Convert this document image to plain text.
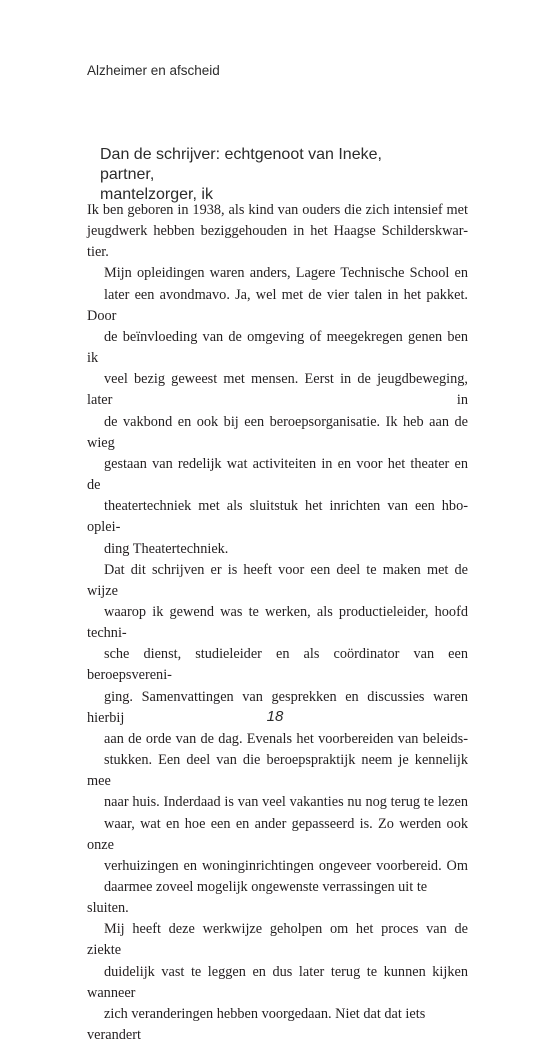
Alzheimer en afscheid
Dan de schrijver: echtgenoot van Ineke, partner,
mantelzorger, ik

Ik ben geboren in 1938, als kind van ouders die zich intensief met
jeugdwerk hebben beziggehouden in het Haagse Schilderskwar-
tier.

Mijn opleidingen waren anders, Lagere Technische School en
later een avondmavo. Ja, wel met de vier talen in het pakket. Door
de beïnvloeding van de omgeving of meegekregen genen ben ik
veel bezig geweest met mensen. Eerst in de jeugdbeweging, later in
de vakbond en ook bij een beroepsorganisatie. Ik heb aan de wieg
gestaan van redelijk wat activiteiten in en voor het theater en de
theatertechniek met als sluitstuk het inrichten van een hbo-oplei-
ding Theatertechniek.

Dat dit schrijven er is heeft voor een deel te maken met de wijze
waarop ik gewend was te werken, als productieleider, hoofd techni-
sche dienst, studieleider en als coördinator van een beroepsvereni-
ging. Samenvattingen van gesprekken en discussies waren hierbij
aan de orde van de dag. Evenals het voorbereiden van beleids-
stukken. Een deel van die beroepspraktijk neem je kennelijk mee
naar huis. Inderdaad is van veel vakanties nu nog terug te lezen
waar, wat en hoe een en ander gepasseerd is. Zo werden ook onze
verhuizingen en woninginrichtingen ongeveer voorbereid. Om
daarmee zoveel mogelijk ongewenste verrassingen uit te sluiten.

Mij heeft deze werkwijze geholpen om het proces van de ziekte
duidelijk vast te leggen en dus later terug te kunnen kijken wanneer
zich veranderingen hebben voorgedaan. Niet dat dat iets verandert

18
